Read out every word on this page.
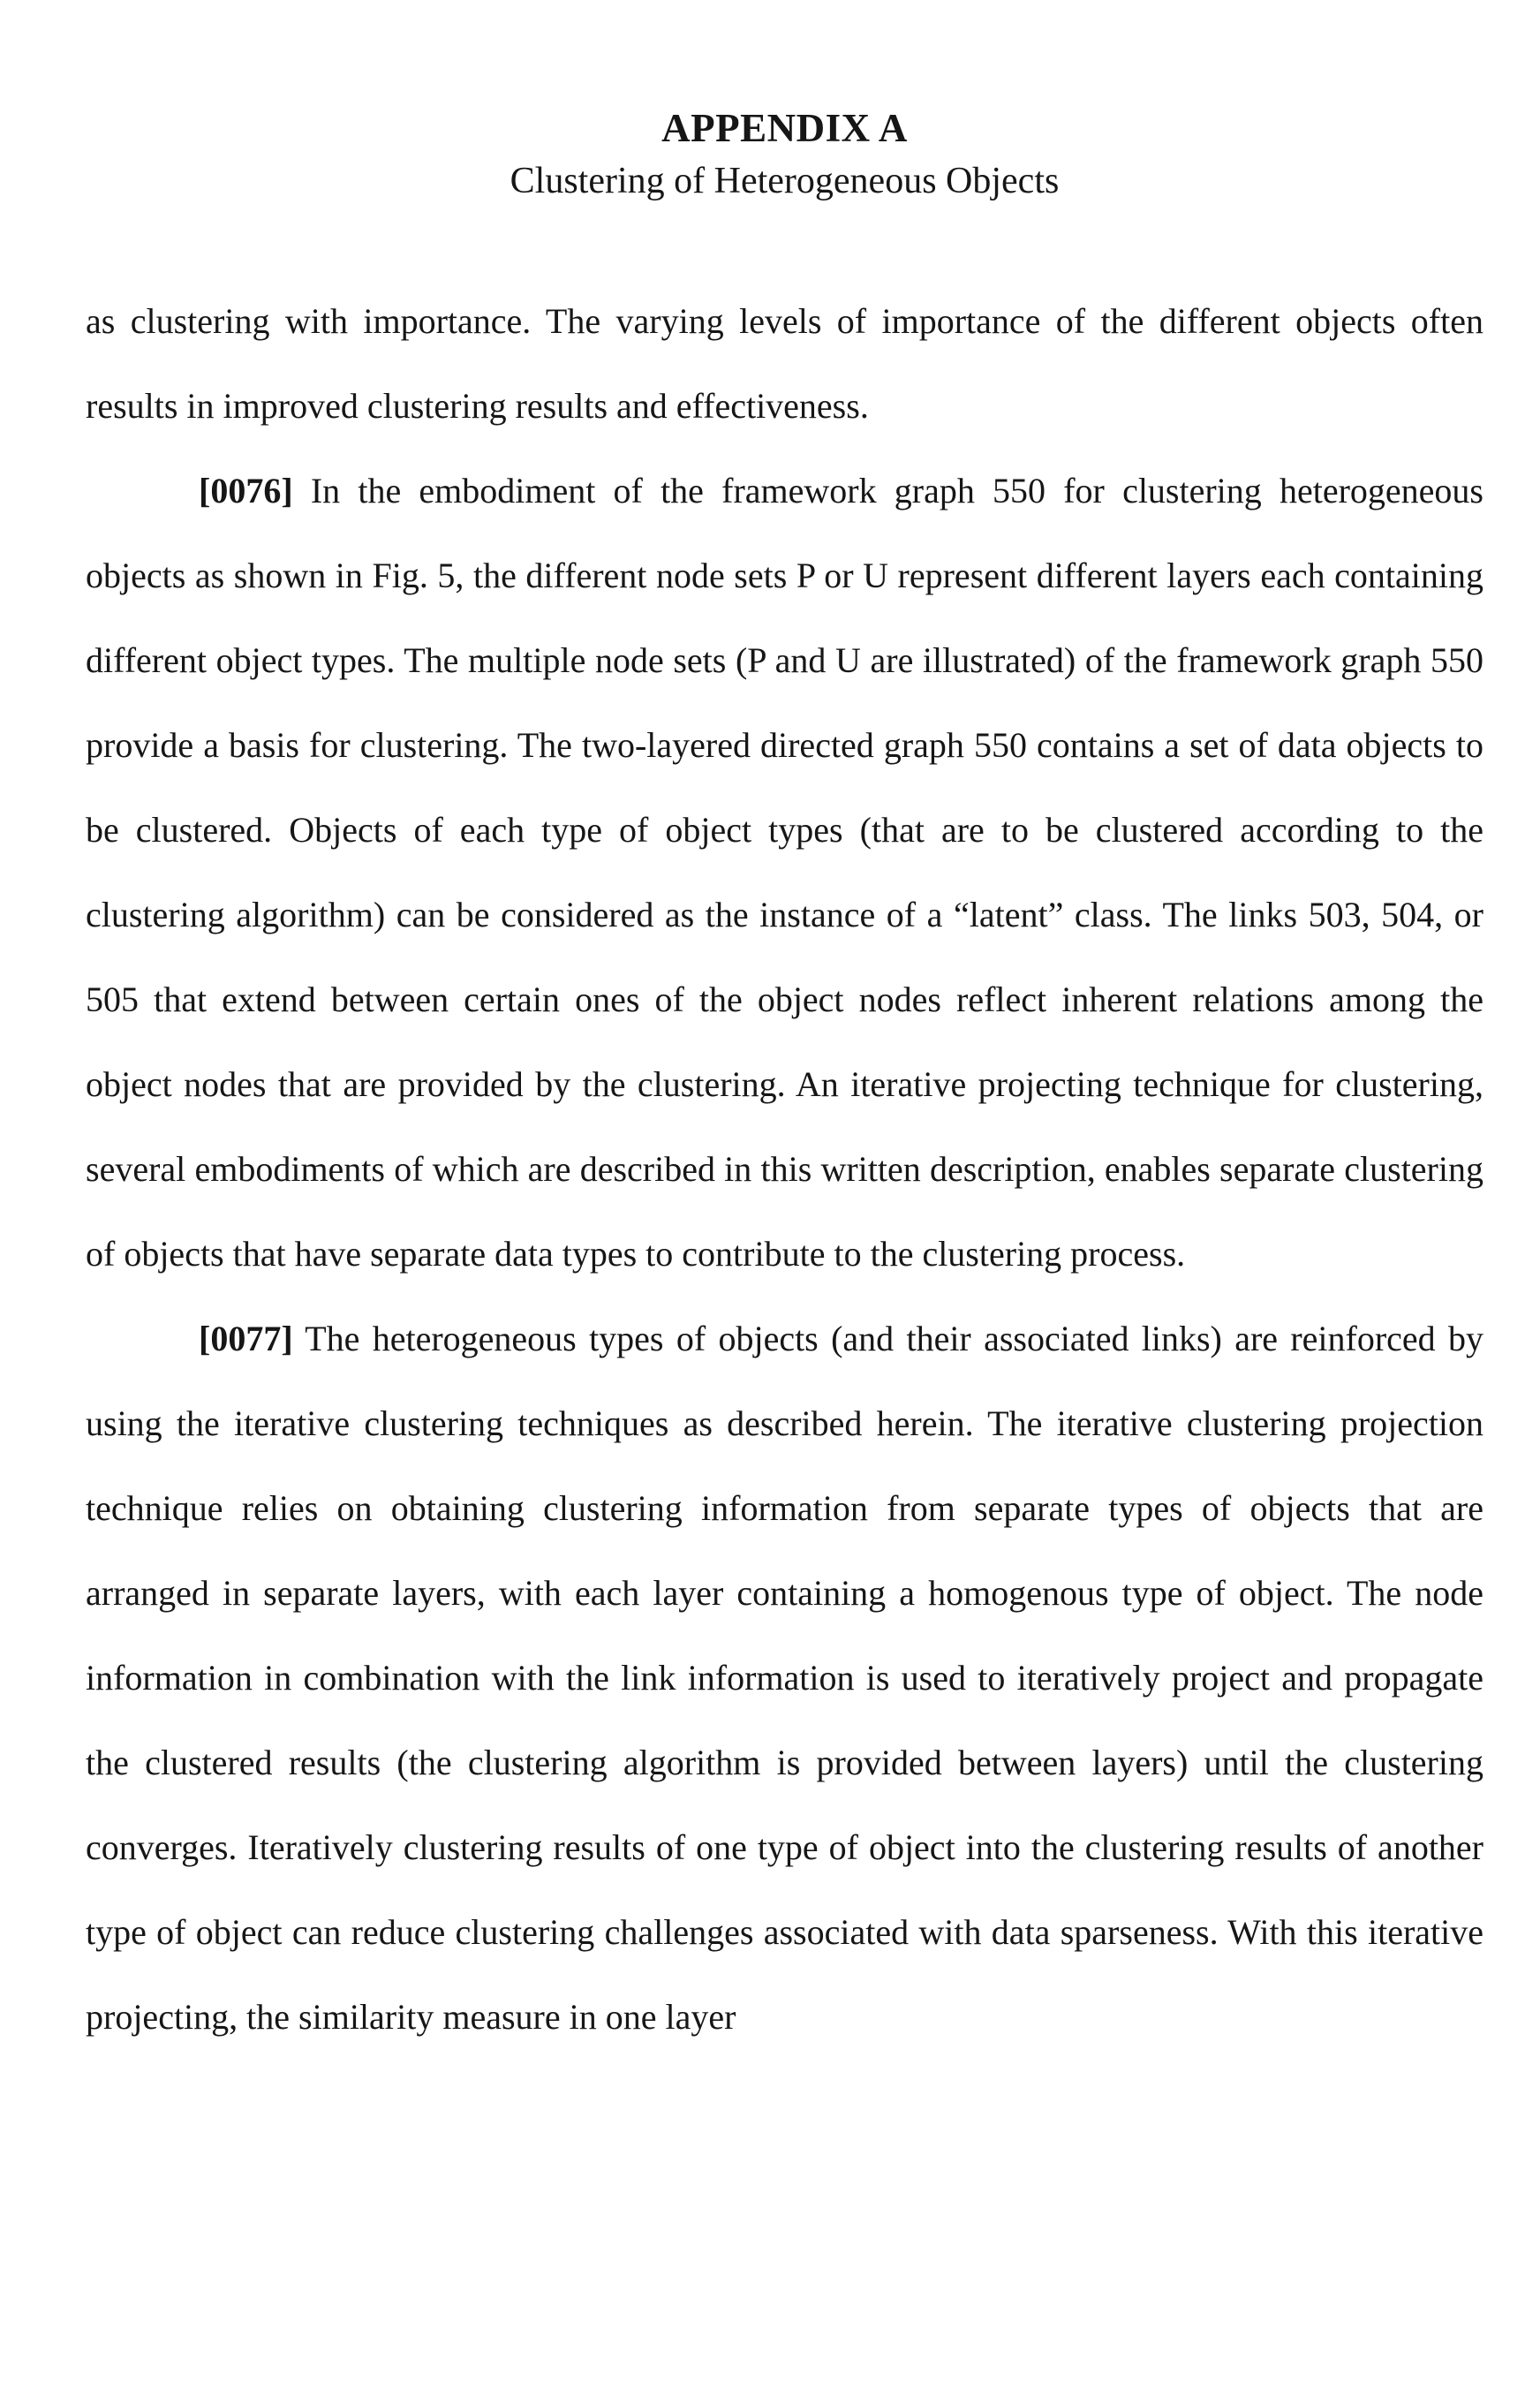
APPENDIX A
Clustering of Heterogeneous Objects

as clustering with importance. The varying levels of importance of the different objects often results in improved clustering results and effectiveness.

[0076] In the embodiment of the framework graph 550 for clustering heterogeneous objects as shown in Fig. 5, the different node sets P or U represent different layers each containing different object types. The multiple node sets (P and U are illustrated) of the framework graph 550 provide a basis for clustering. The two-layered directed graph 550 contains a set of data objects to be clustered. Objects of each type of object types (that are to be clustered according to the clustering algorithm) can be considered as the instance of a “latent” class. The links 503, 504, or 505 that extend between certain ones of the object nodes reflect inherent relations among the object nodes that are provided by the clustering. An iterative projecting technique for clustering, several embodiments of which are described in this written description, enables separate clustering of objects that have separate data types to contribute to the clustering process.

[0077] The heterogeneous types of objects (and their associated links) are reinforced by using the iterative clustering techniques as described herein. The iterative clustering projection technique relies on obtaining clustering information from separate types of objects that are arranged in separate layers, with each layer containing a homogenous type of object. The node information in combination with the link information is used to iteratively project and propagate the clustered results (the clustering algorithm is provided between layers) until the clustering converges. Iteratively clustering results of one type of object into the clustering results of another type of object can reduce clustering challenges associated with data sparseness. With this iterative projecting, the similarity measure in one layer
